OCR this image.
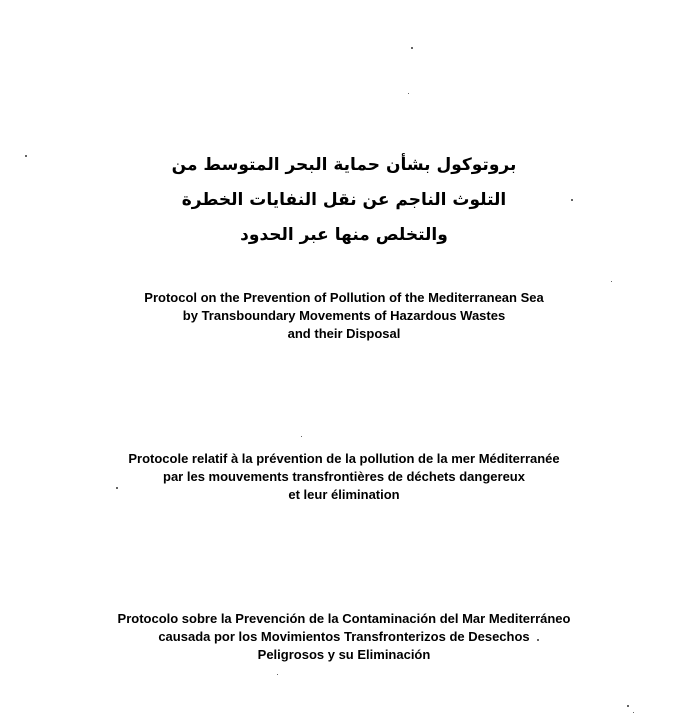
بروتوكول بشأن حماية البحر المتوسط من
التلوث الناجم عن نقل النفايات الخطرة
والتخلص منها عبر الحدود
Protocol on the Prevention of Pollution of the Mediterranean Sea
by Transboundary Movements of Hazardous Wastes
and their Disposal
Protocole relatif à la prévention de la pollution de la mer Méditerranée
par les mouvements transfrontières de déchets dangereux
et leur élimination
Protocolo sobre la Prevención de la Contaminación del Mar Mediterráneo
causada por los Movimientos Transfronterizos de Desechos
Peligrosos y su Eliminación
